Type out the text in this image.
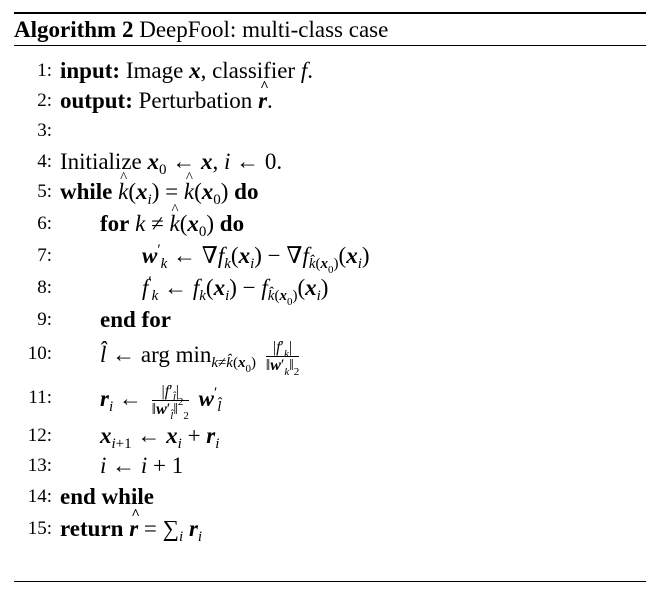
Algorithm 2 DeepFool: multi-class case
1: input: Image x, classifier f.
2: output: Perturbation ^ r.
3:
4: Initialize $x_0$ ← x, i ← 0.
5: while ^ $k(x_i)$ = ^ $k(x_0)$ do
6: for k ≠ ^ $k(x_0)$ do
7:	$w'_k$ ← $\nabla f_k(x_i) - \nabla f_{k̂(x_0)}(x_i)$
8:	$f'_k$ ← $f_k(x_i) - f_{k̂(x_0)}(x_i)$
9: end for
10: l̂ ← arg $\min_{k\ne k̂(x_0)} \frac{|f'_k|}{‖w'_k‖_2}$
11: $r_i$ ← $\frac{|f'_{l̂}|}{‖w'_{l̂}‖^2_2} w'_{l̂}$
12: $x_{i+1}$ ← $x_i + r_i$
13: i ← i + 1
14: end while
15: return ^ $r = \sum_i$ $r_i$
